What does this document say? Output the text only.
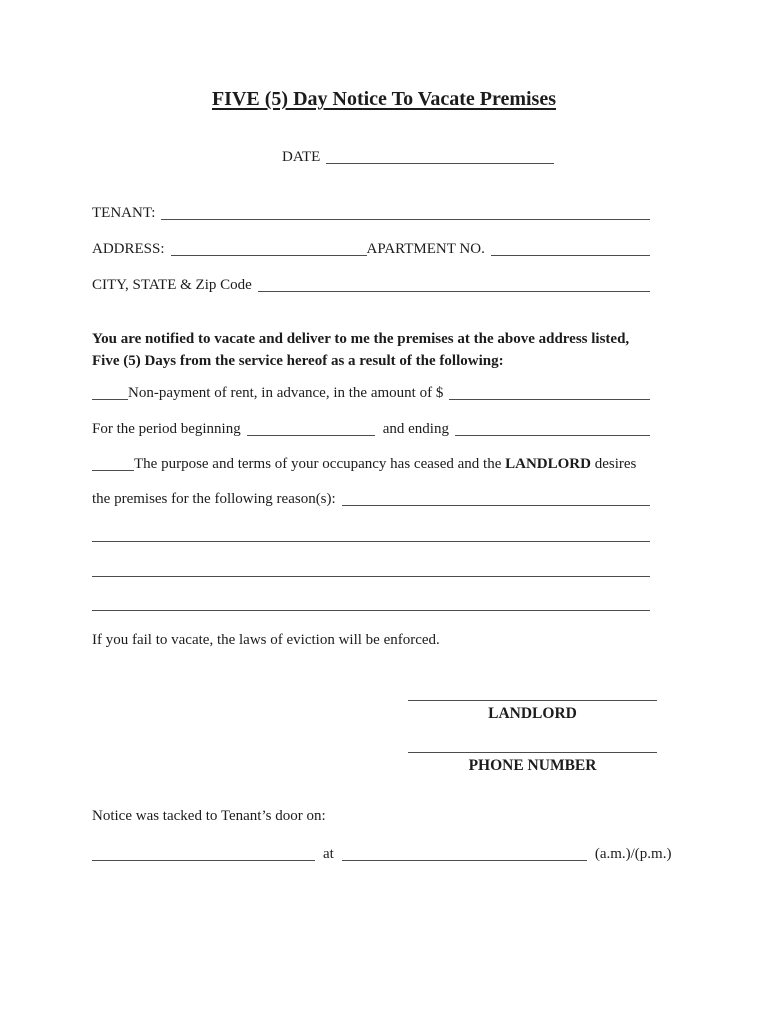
FIVE (5) Day Notice To Vacate Premises
DATE
TENANT:
ADDRESS:	APARTMENT NO.
CITY, STATE & Zip Code
You are notified to vacate and deliver to me the premises at the above address listed,
Five (5) Days from the service hereof as a result of the following:
Non-payment of rent, in advance, in the amount of $
For the period beginning	and ending
The purpose and terms of your occupancy has ceased and the LANDLORD desires
the premises for the following reason(s):
If you fail to vacate, the laws of eviction will be enforced.
LANDLORD
PHONE NUMBER
Notice was tacked to Tenant’s door on:
at	(a.m.)/(p.m.)
